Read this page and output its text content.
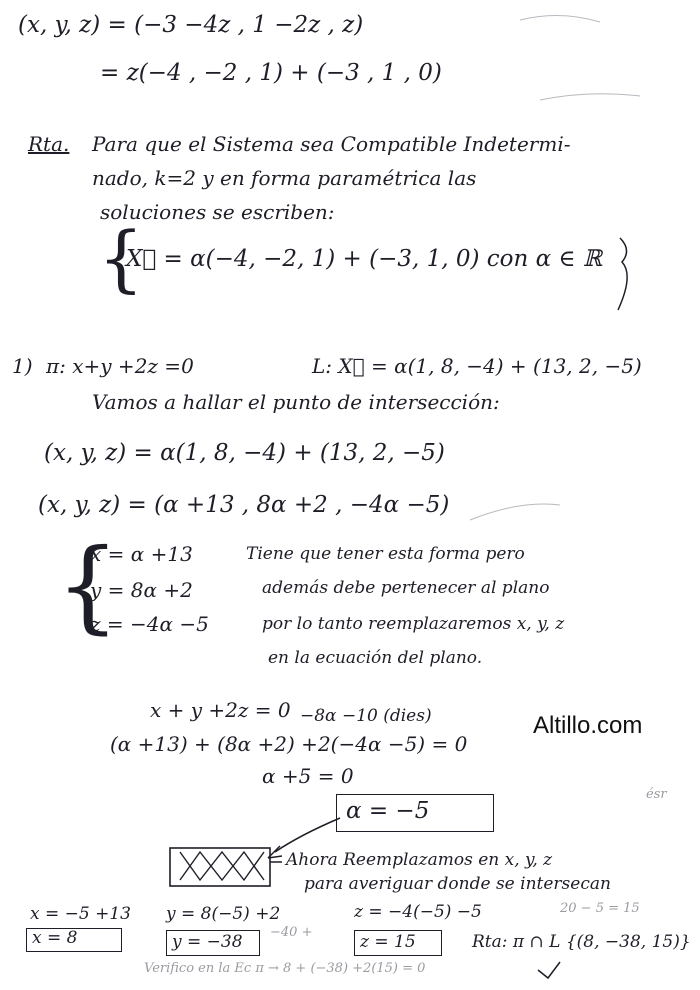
(x, y, z) = (−3 −4z , 1 −2z , z)
= z(−4 , −2 , 1) + (−3 , 1 , 0)
Rta. Para que el Sistema sea Compatible Indetermi-
nado, k=2 y en forma paramétrica las
soluciones se escriben:
{
X⃗ = α(−4, −2, 1) + (−3, 1, 0) con α ∈ ℝ
1) π: x+y +2z =0	L: X⃗ = α(1, 8, −4) + (13, 2, −5)
Vamos a hallar el punto de intersección:
(x, y, z) = α(1, 8, −4) + (13, 2, −5)
(x, y, z) = (α +13 , 8α +2 , −4α −5)
{
x = α +13
y = 8α +2
z = −4α −5
Tiene que tener esta forma pero
además debe pertenecer al plano
por lo tanto reemplazaremos x, y, z
en la ecuación del plano.
x + y +2z = 0 −8α −10 (dies)
(α +13) + (8α +2) +2(−4α −5) = 0
α +5 = 0
α = −5
Altillo.com
ésr
Ahora Reemplazamos en x, y, z
para averiguar donde se intersecan
x = −5 +13
x = 8
y = 8(−5) +2
y = −38 −40 +
z = −4(−5) −5	20 − 5 = 15
z = 15	Rta: π ∩ L {(8, −38, 15)}
Verifico en la Ec π → 8 + (−38) +2(15) = 0
